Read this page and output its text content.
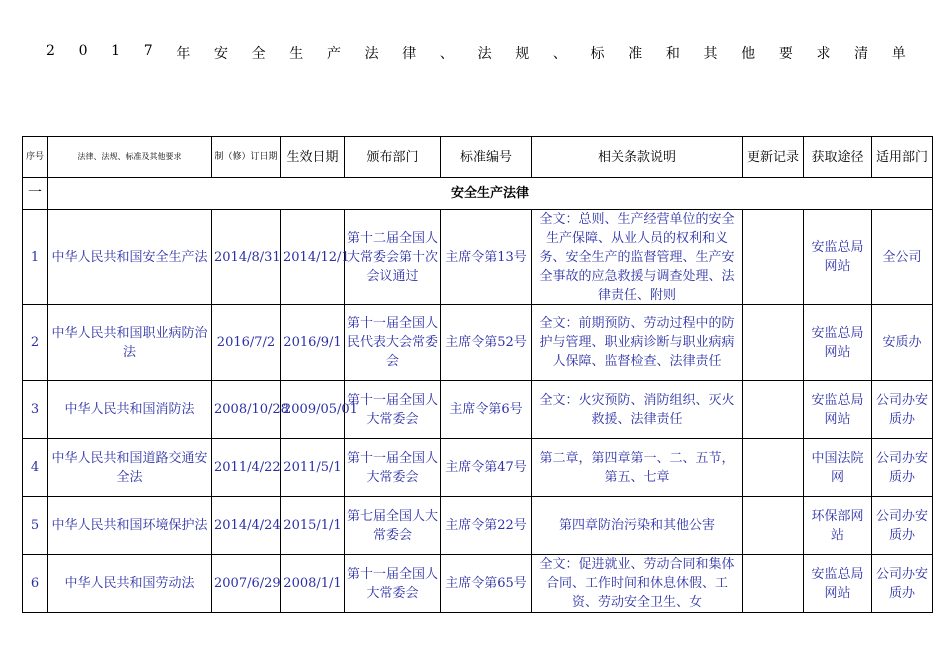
2 0 1 7 年 安 全 生 产 法 律 、 法 规 、 标 准 和 其 他 要 求 清 单
序号	法律、法规、标准及其他要求	制（修）订日期	生效日期	颁布部门	标准编号	相关条款说明	更新记录	获取途径	适用部门
一	安全生产法律								
1	中华人民共和国安全生产法	2014/8/31	2014/12/1	第十二届全国人大常委会第十次会议通过	主席令第13号	全文：总则、生产经营单位的安全生产保障、从业人员的权利和义务、安全生产的监督管理、生产安全事故的应急救援与调查处理、法律责任、附则		安监总局网站	全公司
2	中华人民共和国职业病防治法	2016/7/2	2016/9/1	第十一届全国人民代表大会常委会	主席令第52号	全文：前期预防、劳动过程中的防护与管理、职业病诊断与职业病病人保障、监督检查、法律责任		安监总局网站	安质办
3	中华人民共和国消防法	2008/10/28	2009/05/01	第十一届全国人大常委会	主席令第6号	全文：火灾预防、消防组织、灭火救援、法律责任		安监总局网站	公司办安质办
4	中华人民共和国道路交通安全法	2011/4/22	2011/5/1	第十一届全国人大常委会	主席令第47号	第二章，第四章第一、二、五节，第五、七章		中国法院网	公司办安质办
5	中华人民共和国环境保护法	2014/4/24	2015/1/1	第七届全国人大常委会	主席令第22号	第四章防治污染和其他公害		环保部网站	公司办安质办
6	中华人民共和国劳动法	2007/6/29	2008/1/1	第十一届全国人大常委会	主席令第65号	全文：促进就业、劳动合同和集体合同、工作时间和休息休假、工资、劳动安全卫生、女		安监总局网站	公司办安质办
